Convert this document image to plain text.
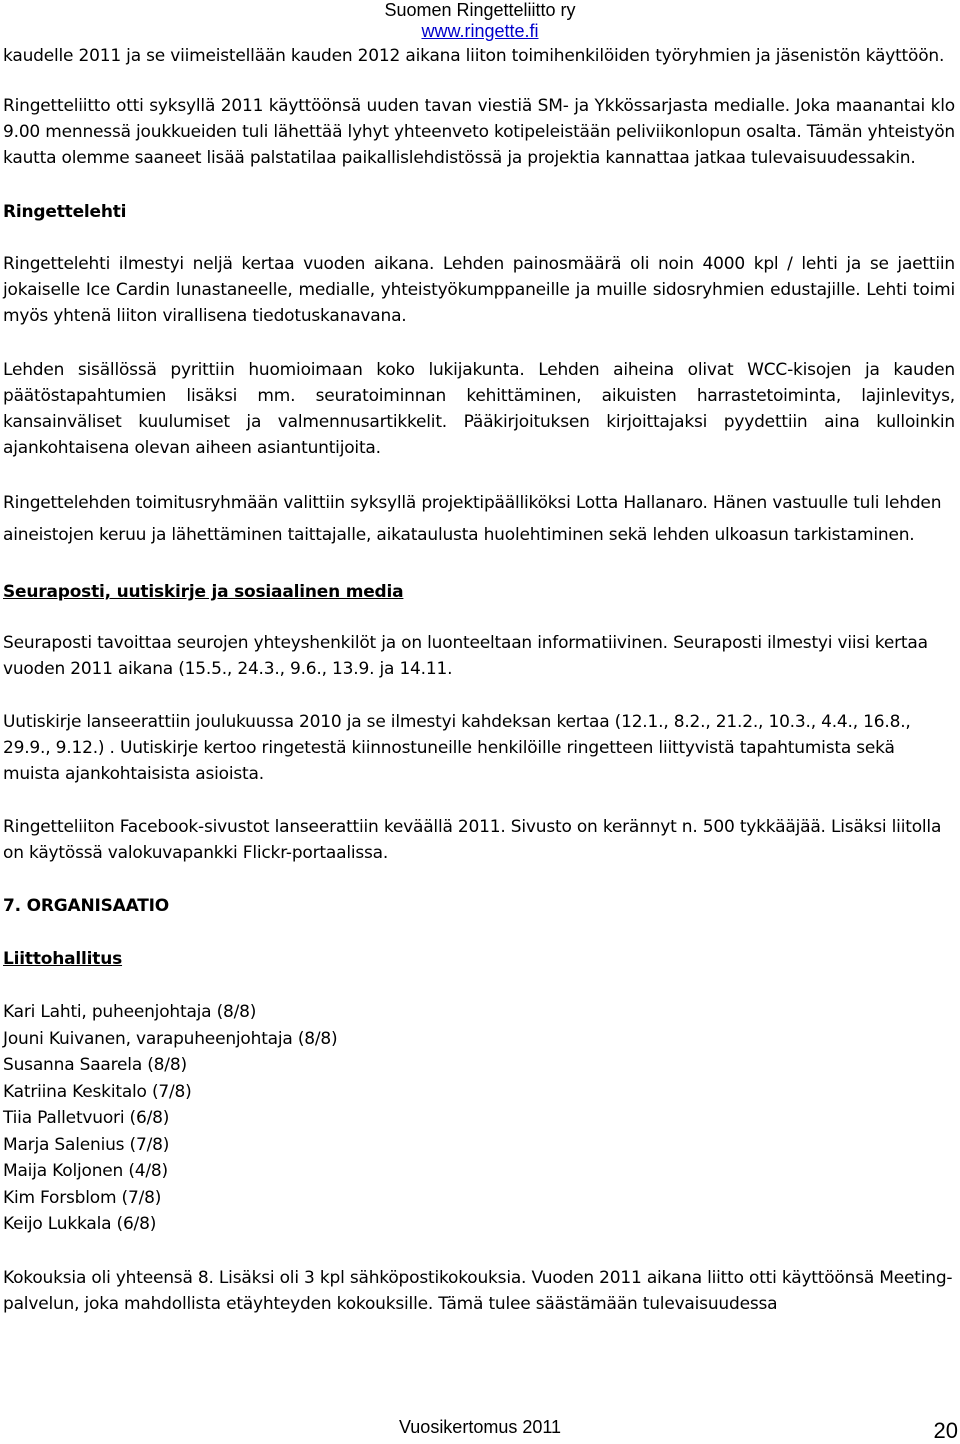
Suomen Ringetteliitto ry
www.ringette.fi

kaudelle 2011 ja se viimeistellään kauden 2012 aikana liiton toimihenkilöiden työryhmien ja jäsenistön käyttöön.

Ringetteliitto otti syksyllä 2011 käyttöönsä uuden tavan viestiä SM- ja Ykkössarjasta medialle. Joka maanantai klo 9.00 mennessä joukkueiden tuli lähettää lyhyt yhteenveto kotipeleistään peliviikonlopun osalta. Tämän yhteistyön kautta olemme saaneet lisää palstatilaa paikallislehdistössä ja projektia kannattaa jatkaa tulevaisuudessakin.

Ringettelehti

Ringettelehti ilmestyi neljä kertaa vuoden aikana. Lehden painosmäärä oli noin 4000 kpl / lehti ja se jaettiin jokaiselle Ice Cardin lunastaneelle, medialle, yhteistyökumppaneille ja muille sidosryhmien edustajille. Lehti toimi myös yhtenä liiton virallisena tiedotuskanavana.

Lehden sisällössä pyrittiin huomioimaan koko lukijakunta. Lehden aiheina olivat WCC-kisojen ja kauden päätöstapahtumien lisäksi mm. seuratoiminnan kehittäminen, aikuisten harrastetoiminta, lajinlevitys, kansainväliset kuulumiset ja valmennusartikkelit. Pääkirjoituksen kirjoittajaksi pyydettiin aina kulloinkin ajankohtaisena olevan aiheen asiantuntijoita.

Ringettelehden toimitusryhmään valittiin syksyllä projektipäälliköksi Lotta Hallanaro. Hänen vastuulle tuli lehden aineistojen keruu ja lähettäminen taittajalle, aikataulusta huolehtiminen sekä lehden ulkoasun tarkistaminen.

Seuraposti, uutiskirje ja sosiaalinen media

Seuraposti tavoittaa seurojen yhteyshenkilöt ja on luonteeltaan informatiivinen. Seuraposti ilmestyi viisi kertaa vuoden 2011 aikana (15.5., 24.3., 9.6., 13.9. ja 14.11.

Uutiskirje lanseerattiin joulukuussa 2010 ja se ilmestyi kahdeksan kertaa (12.1., 8.2., 21.2., 10.3., 4.4., 16.8., 29.9., 9.12.) . Uutiskirje kertoo ringetestä kiinnostuneille henkilöille ringetteen liittyvistä tapahtumista sekä muista ajankohtaisista asioista.

Ringetteliiton Facebook-sivustot lanseerattiin keväällä 2011. Sivusto on kerännyt n. 500 tykkääjää. Lisäksi liitolla on käytössä valokuvapankki Flickr-portaalissa.

7. ORGANISAATIO

Liittohallitus

Kari Lahti, puheenjohtaja (8/8)
Jouni Kuivanen, varapuheenjohtaja (8/8)
Susanna Saarela (8/8)
Katriina Keskitalo (7/8)
Tiia Palletvuori (6/8)
Marja Salenius (7/8)
Maija Koljonen (4/8)
Kim Forsblom (7/8)
Keijo Lukkala (6/8)

Kokouksia oli yhteensä 8. Lisäksi oli 3 kpl sähköpostikokouksia. Vuoden 2011 aikana liitto otti käyttöönsä Meeting-palvelun, joka mahdollista etäyhteyden kokouksille. Tämä tulee säästämään tulevaisuudessa

Vuosikertomus 2011	20
